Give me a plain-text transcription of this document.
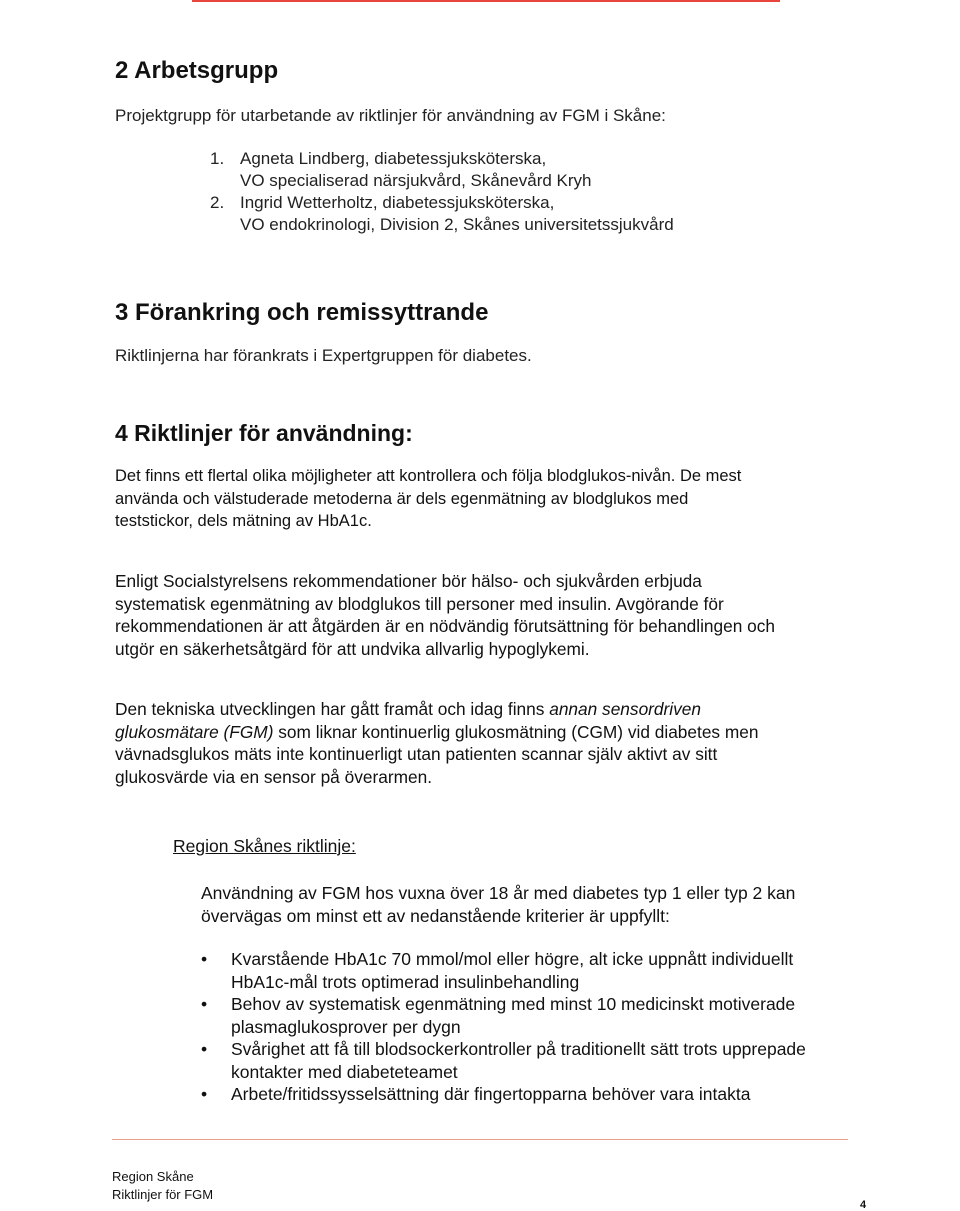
2 Arbetsgrupp
Projektgrupp för utarbetande av riktlinjer för användning av FGM i Skåne:
3 Förankring och remissyttrande
Riktlinjerna har förankrats i Expertgruppen för diabetes.
4 Riktlinjer för användning:
Det finns ett flertal olika möjligheter att kontrollera och följa blodglukos-nivån. De mest
använda och välstuderade metoderna är dels egenmätning av blodglukos med
teststickor, dels mätning av HbA1c.
Enligt Socialstyrelsens rekommendationer bör hälso- och sjukvården erbjuda
systematisk egenmätning av blodglukos till personer med insulin. Avgörande för
rekommendationen är att åtgärden är en nödvändig förutsättning för behandlingen och
utgör en säkerhetsåtgärd för att undvika allvarlig hypoglykemi.
Den tekniska utvecklingen har gått framåt och idag finns annan sensordriven
glukosmätare (FGM) som liknar kontinuerlig glukosmätning (CGM) vid diabetes men
vävnadsglukos mäts inte kontinuerligt utan patienten scannar själv aktivt av sitt
glukosvärde via en sensor på överarmen.
1. Agneta Lindberg, diabetessjuksköterska,
VO specialiserad närsjukvård, Skånevård Kryh
2. Ingrid Wetterholtz, diabetessjuksköterska,
VO endokrinologi, Division 2, Skånes universitetssjukvård
Region Skånes riktlinje:
Användning av FGM hos vuxna över 18 år med diabetes typ 1 eller typ 2 kan
övervägas om minst ett av nedanstående kriterier är uppfyllt:
• Kvarstående HbA1c 70 mmol/mol eller högre, alt icke uppnått individuellt
HbA1c-mål trots optimerad insulinbehandling
• Behov av systematisk egenmätning med minst 10 medicinskt motiverade
plasmaglukosprover per dygn
• Svårighet att få till blodsockerkontroller på traditionellt sätt trots upprepade
kontakter med diabeteteamet
• Arbete/fritidssysselsättning där fingertopparna behöver vara intakta
Region Skåne
Riktlinjer för FGM
4
